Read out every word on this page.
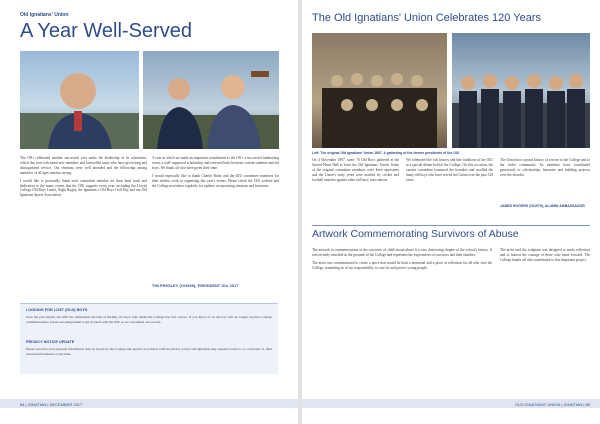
Old Ignatians' Union
A Year Well-Served

The OIU celebrated another successful year under the leadership of its committee, which this year welcomed new members and farewelled some who have given long and distinguished service. Our reunions were well attended and the fellowship among members of all ages remains strong.

I would like to personally thank each committee member for their hard work and dedication to the many events that the OIU supports every year, including the Lloyds College Old Boys Lunch, Night Rugby, the Ignatians v Old Boys Golf Day and our Old Ignatians Sports Association.

A year in which we made an important contribution to the OIU: a successful fundraising event, a well-supported scholarship and renewed links between current students and old boys. We thank all who have given their time.

I would especially like to thank Charlie Bolas and the OIU committee members for their tireless work in organising this year's events. Please check the OIU website and the College newsletter regularly for updates on upcoming reunions and functions.

TIM PRESLEY (OI1999), PRESIDENT OIU 2017
LOOKING FOR LOST (OLD) BOYS
Over the past month, the OIU has undertaken the task of finding old boys with whom the College has lost contact. If you know of an old boy who no longer receives College communications, please encourage them to get in touch with the OIU so we can update our records.
PRIVACY NOTICE UPDATE
Please note that your personal information may be stored by the College and used in accordance with its privacy policy. Old Ignatians may request access to, or correction of, their personal information at any time.
84 | IGNATIAN | DECEMBER 2017
The Old Ignatians' Union Celebrates 120 Years
Left: The original Old Ignatians' Union 1897. A gathering of the former presidents of the OIU
On 4 November 1897, some 70 Old Boys gathered at the Sacred Heart Hall to form the Old Ignatians' Union. Some of the original committee members were keen sportsmen and the Union's early years were marked by cricket and football matches against other old boys' associations.
We celebrated the rich history and fine traditions of the OIU at a special dinner held at the College. On this occasion, the current committee honoured the founders and recalled the many old boys who have served the Union over the past 120 years.
The Union has a proud history of service to the College and to the wider community. Its members have contributed generously to scholarships, bursaries and building projects over the decades.
JAMES ROGERS (OI1975), ALUMNI AMBASSADOR
Artwork Commemorating Survivors of Abuse

The artwork in commemoration of the survivors of child sexual abuse is a very distressing chapter of the school's history. It was recently unveiled in the grounds of the College and represents the experiences of survivors and their families.

The artist was commissioned to create a piece that would be both a memorial and a place of reflection for all who visit the College, reminding us of our responsibility to care for and protect young people.

The artist said the sculpture was designed to invite reflection and to honour the courage of those who came forward. The College thanks all who contributed to this important project.
OLD IGNATIANS' UNION | IGNATIAN | 85
